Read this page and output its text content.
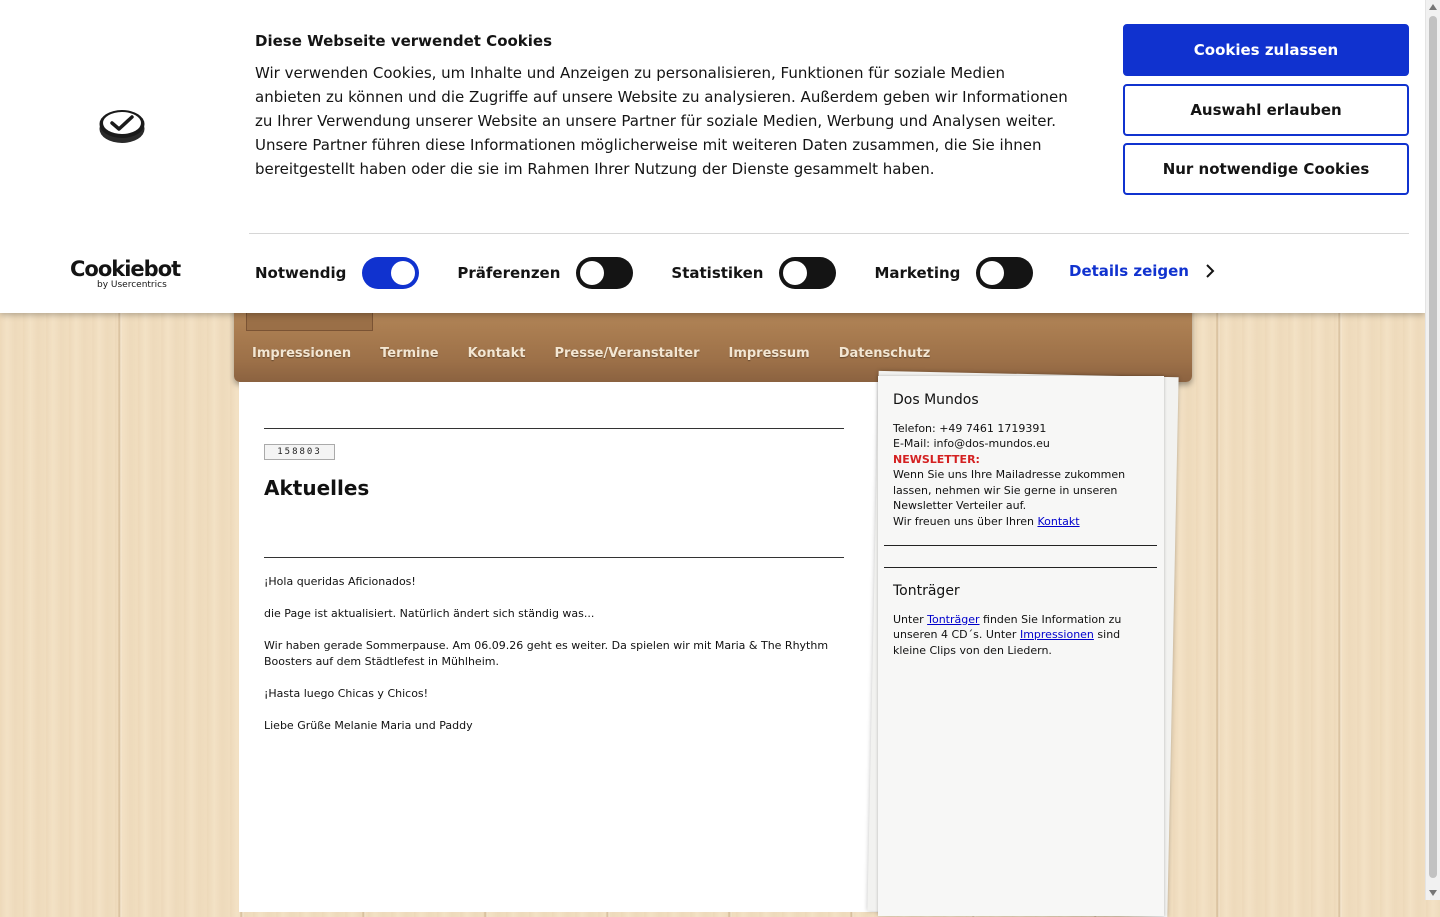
Impressionen Termine Kontakt Presse/Veranstalter Impressum Datenschutz
158803
Aktuelles

¡Hola queridas Aficionados!

die Page ist aktualisiert. Natürlich ändert sich ständig was...

Wir haben gerade Sommerpause. Am 06.09.26 geht es weiter. Da spielen wir mit Maria & The Rhythm Boosters auf dem Städtlefest in Mühlheim.

¡Hasta luego Chicas y Chicos!

Liebe Grüße Melanie Maria und Paddy

Dos Mundos
Telefon: +49 7461 1719391
E-Mail: info@dos-mundos.eu
NEWSLETTER:
Wenn Sie uns Ihre Mailadresse zukommen lassen, nehmen wir Sie gerne in unseren Newsletter Verteiler auf.
Wir freuen uns über Ihren Kontakt
Tonträger
Unter Tonträger finden Sie Information zu unseren 4 CD´s. Unter Impressionen sind kleine Clips von den Liedern.
Cookiebot
by Usercentrics
Diese Webseite verwendet Cookies

Wir verwenden Cookies, um Inhalte und Anzeigen zu personalisieren, Funktionen für soziale Medien anbieten zu können und die Zugriffe auf unsere Website zu analysieren. Außerdem geben wir Informationen zu Ihrer Verwendung unserer Website an unsere Partner für soziale Medien, Werbung und Analysen weiter. Unsere Partner führen diese Informationen möglicherweise mit weiteren Daten zusammen, die Sie ihnen bereitgestellt haben oder die sie im Rahmen Ihrer Nutzung der Dienste gesammelt haben.

Cookies zulassen
Auswahl erlauben
Nur notwendige Cookies
Notwendig	Präferenzen	Statistiken	Marketing	Details zeigen
